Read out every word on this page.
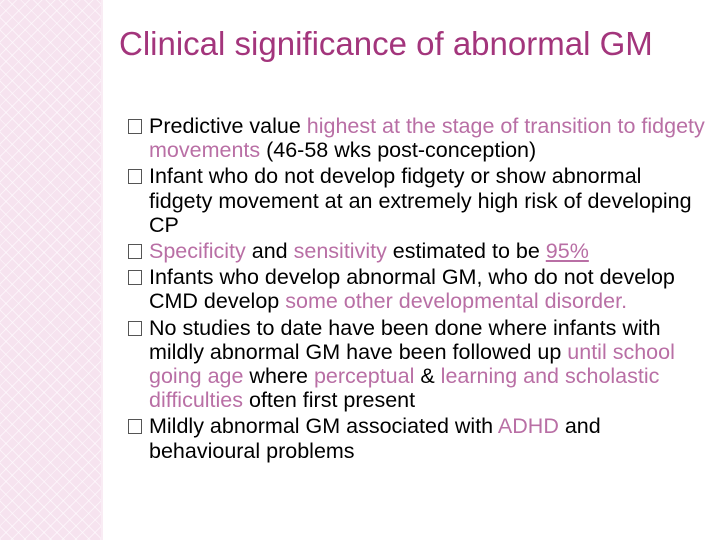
Clinical significance of abnormal GM
Predictive value highest at the stage of transition to fidgety movements (46-58 wks post-conception)
Infant who do not develop fidgety or show abnormal fidgety movement at an extremely high risk of developing CP
Specificity and sensitivity estimated to be 95%
Infants who develop abnormal GM, who do not develop CMD develop some other developmental disorder.
No studies to date have been done where infants with mildly abnormal GM have been followed up until school going age where perceptual & learning and scholastic difficulties often first present
Mildly abnormal GM associated with ADHD and behavioural problems
